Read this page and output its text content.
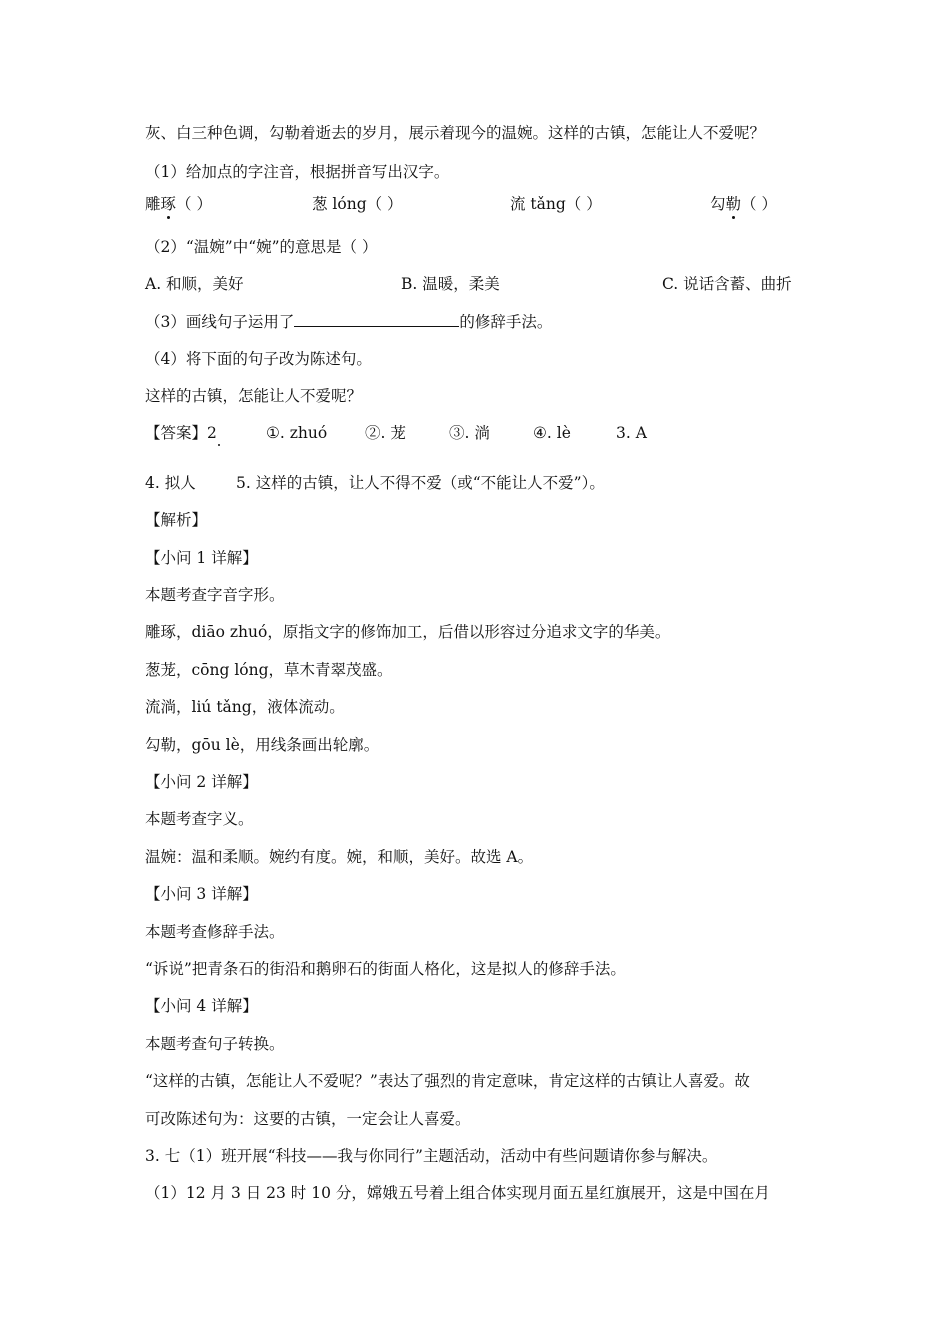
灰、白三种色调，勾勒着逝去的岁月，展示着现今的温婉。这样的古镇，怎能让人不爱呢？
（1）给加点的字注音，根据拼音写出汉字。
雕琢（ ）	葱 lóng（ ）	流 tǎng（ ）	勾勒（ ）
（2）“温婉”中“婉”的意思是（ ）
A. 和顺，美好	B. 温暖，柔美	C. 说话含蓄、曲折
（3）画线句子运用了	的修辞手法。
（4）将下面的句子改为陈述句。
这样的古镇，怎能让人不爱呢？
【答案】2	①. zhuó ②. 茏	③. 淌	④. lè	3. A
4. 拟人	5. 这样的古镇，让人不得不爱（或“不能让人不爱”）。
【解析】
【小问 1 详解】
本题考查字音字形。
雕琢，diāo zhuó，原指文字的修饰加工，后借以形容过分追求文字的华美。
葱茏，cōng lóng，草木青翠茂盛。
流淌，liú tǎng，液体流动。
勾勒，gōu lè，用线条画出轮廓。
【小问 2 详解】
本题考查字义。
温婉：温和柔顺。婉约有度。婉，和顺，美好。故选 A。
【小问 3 详解】
本题考查修辞手法。
“诉说”把青条石的街沿和鹅卵石的街面人格化，这是拟人的修辞手法。
【小问 4 详解】
本题考查句子转换。
“这样的古镇，怎能让人不爱呢？”表达了强烈的肯定意味，肯定这样的古镇让人喜爱。故
可改陈述句为：这要的古镇，一定会让人喜爱。
3. 七（1）班开展“科技——我与你同行”主题活动，活动中有些问题请你参与解决。
（1）12 月 3 日 23 时 10 分，嫦娥五号着上组合体实现月面五星红旗展开，这是中国在月
